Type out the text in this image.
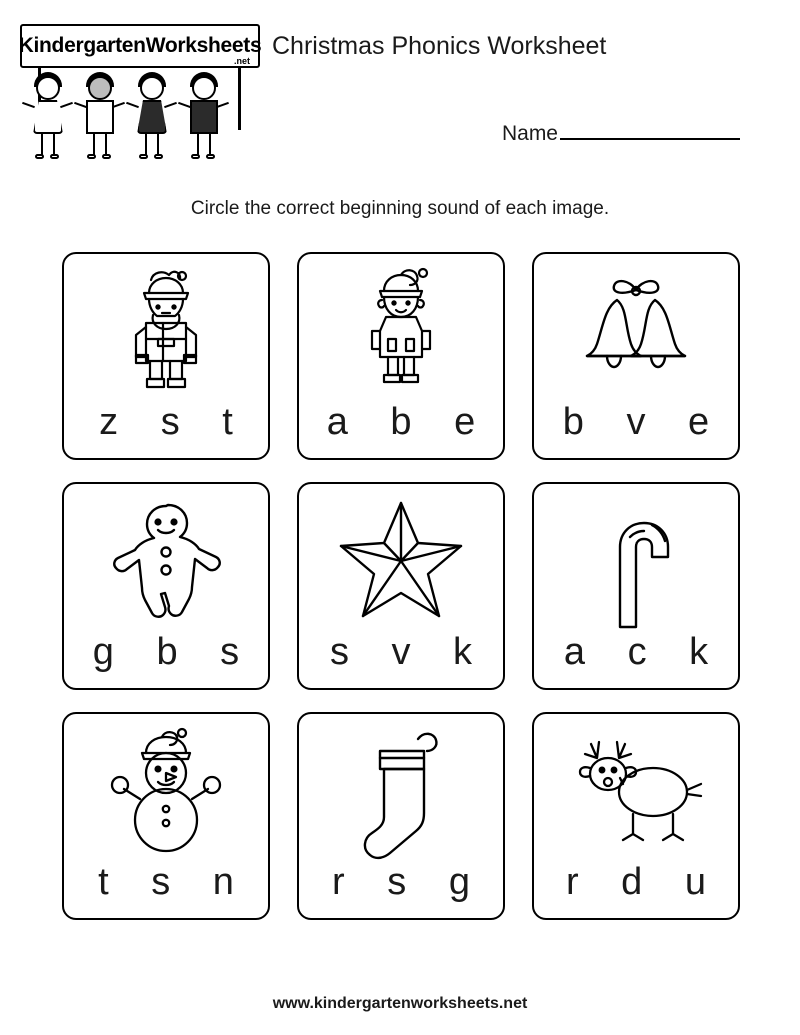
KindergartenWorksheets
.net
Christmas Phonics Worksheet
Name
Circle the correct beginning sound of each image.
z s t	a b e	b v e
g b s	s v k	a c k
t s n	r s g	r d u
www.kindergartenworksheets.net
